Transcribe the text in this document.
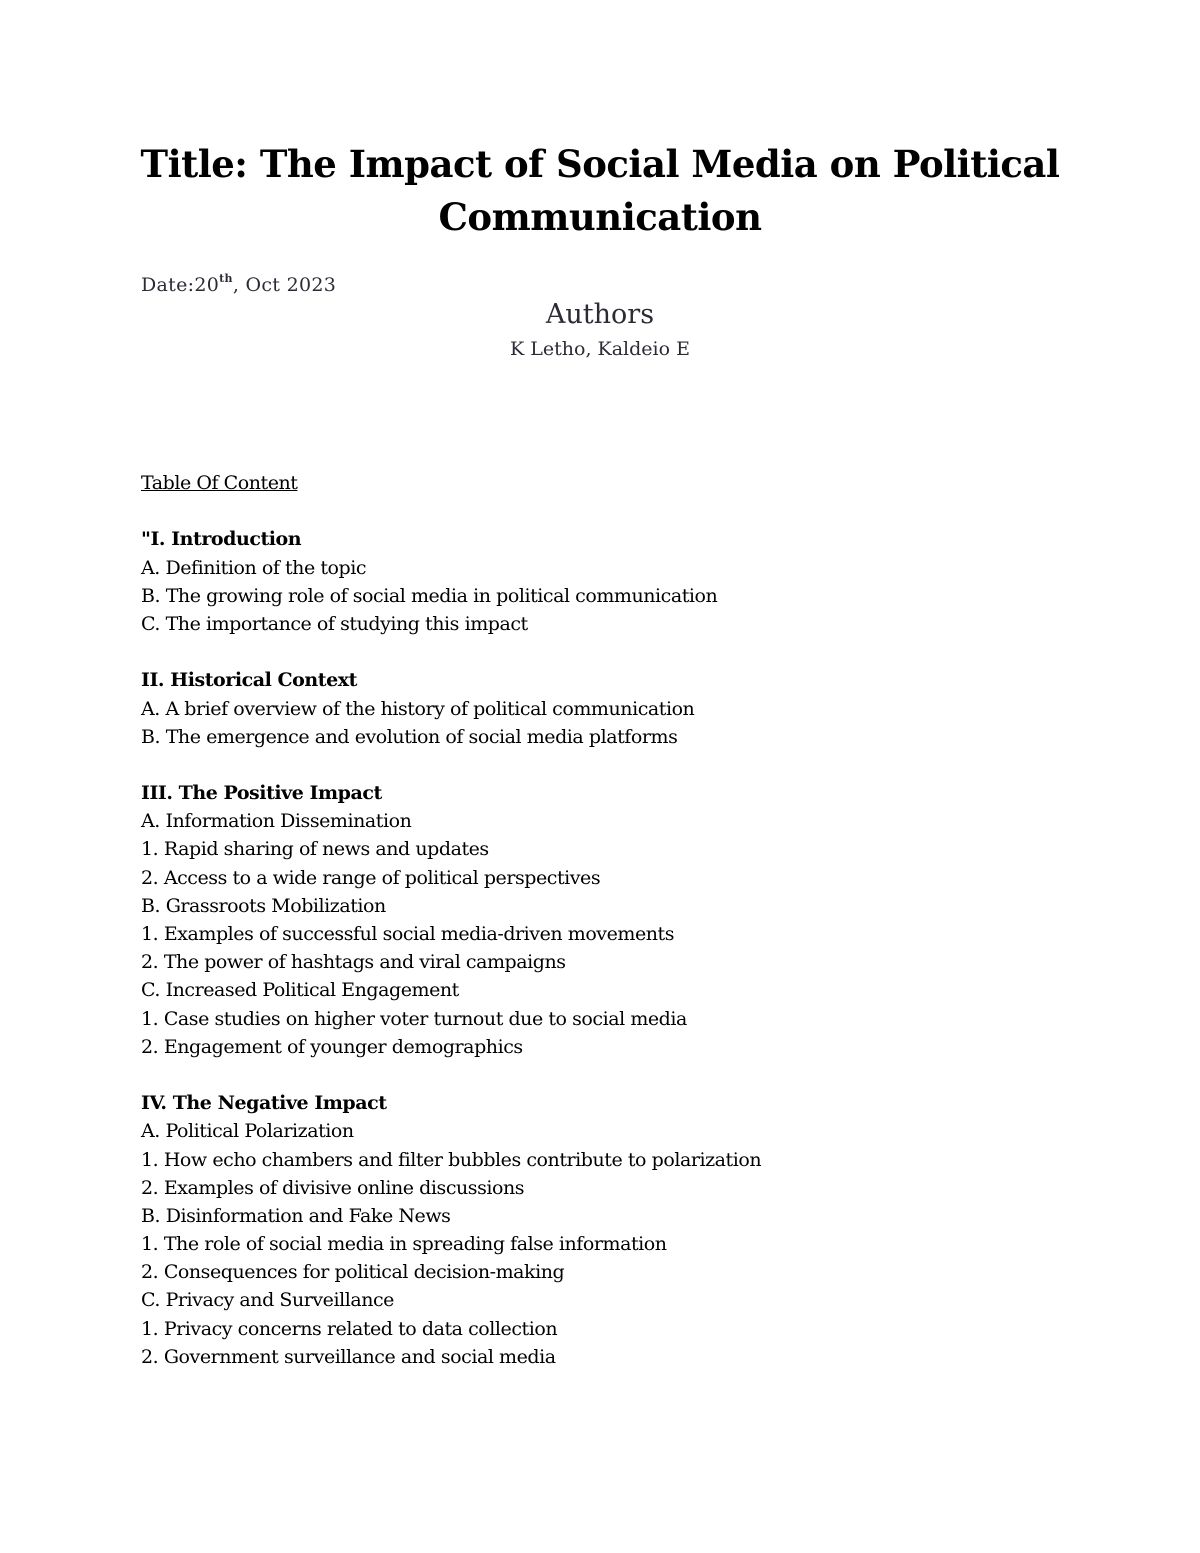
Title: The Impact of Social Media on Political Communication
Date:20th, Oct 2023
Authors
K Letho, Kaldeio E
Table Of Content
"I. Introduction
A. Definition of the topic
B. The growing role of social media in political communication
C. The importance of studying this impact
II. Historical Context
A. A brief overview of the history of political communication
B. The emergence and evolution of social media platforms
III. The Positive Impact
A. Information Dissemination
1. Rapid sharing of news and updates
2. Access to a wide range of political perspectives
B. Grassroots Mobilization
1. Examples of successful social media-driven movements
2. The power of hashtags and viral campaigns
C. Increased Political Engagement
1. Case studies on higher voter turnout due to social media
2. Engagement of younger demographics
IV. The Negative Impact
A. Political Polarization
1. How echo chambers and filter bubbles contribute to polarization
2. Examples of divisive online discussions
B. Disinformation and Fake News
1. The role of social media in spreading false information
2. Consequences for political decision-making
C. Privacy and Surveillance
1. Privacy concerns related to data collection
2. Government surveillance and social media
